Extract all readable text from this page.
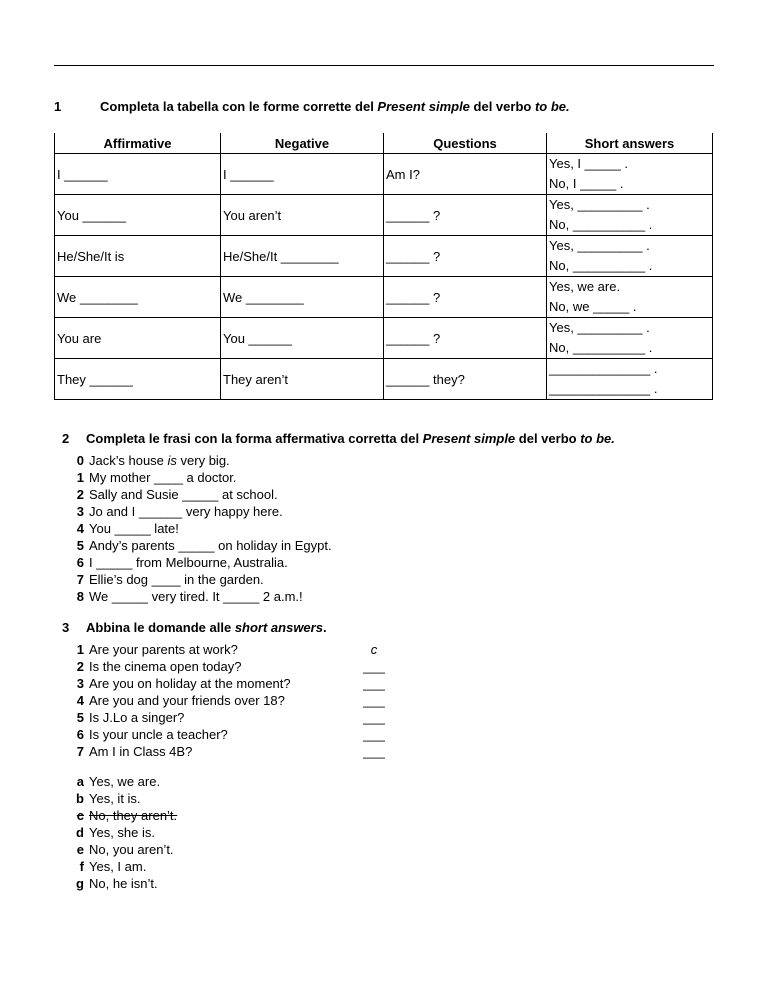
1	Completa la tabella con le forme corrette del Present simple del verbo to be.
Affirmative	Negative	Questions	Short answers
I ______	I ______	Am I?	Yes, I _____ .
No, I _____ .

You ______	You aren’t	______ ?	Yes, _________ .
No, __________ .

He/She/It is	He/She/It ________	______ ?	Yes, _________ .
No, __________ .

We ________	We ________	______ ?	Yes, we are.
No, we _____ .

You are	You ______	______ ?	Yes, _________ .
No, __________ .

They ______	They aren’t	______ they?	______________ .
______________ .
2 Completa le frasi con la forma affermativa corretta del Present simple del verbo to be.
0 Jack’s house is very big.
1 My mother ____ a doctor.
2 Sally and Susie _____ at school.
3 Jo and I ______ very happy here.
4 You _____ late!
5 Andy’s parents _____ on holiday in Egypt.
6 I _____ from Melbourne, Australia.
7 Ellie’s dog ____ in the garden.
8 We _____ very tired. It _____ 2 a.m.!
3 Abbina le domande alle short answers.
1 Are your parents at work?
2 Is the cinema open today?
3 Are you on holiday at the moment?
4 Are you and your friends over 18?
5 Is J.Lo a singer?
6 Is your uncle a teacher?
7 Am I in Class 4B?
c
___
___
___
___
___
___
a Yes, we are.
b Yes, it is.
c No, they aren’t.
d Yes, she is.
e No, you aren’t.
f Yes, I am.
g No, he isn’t.
